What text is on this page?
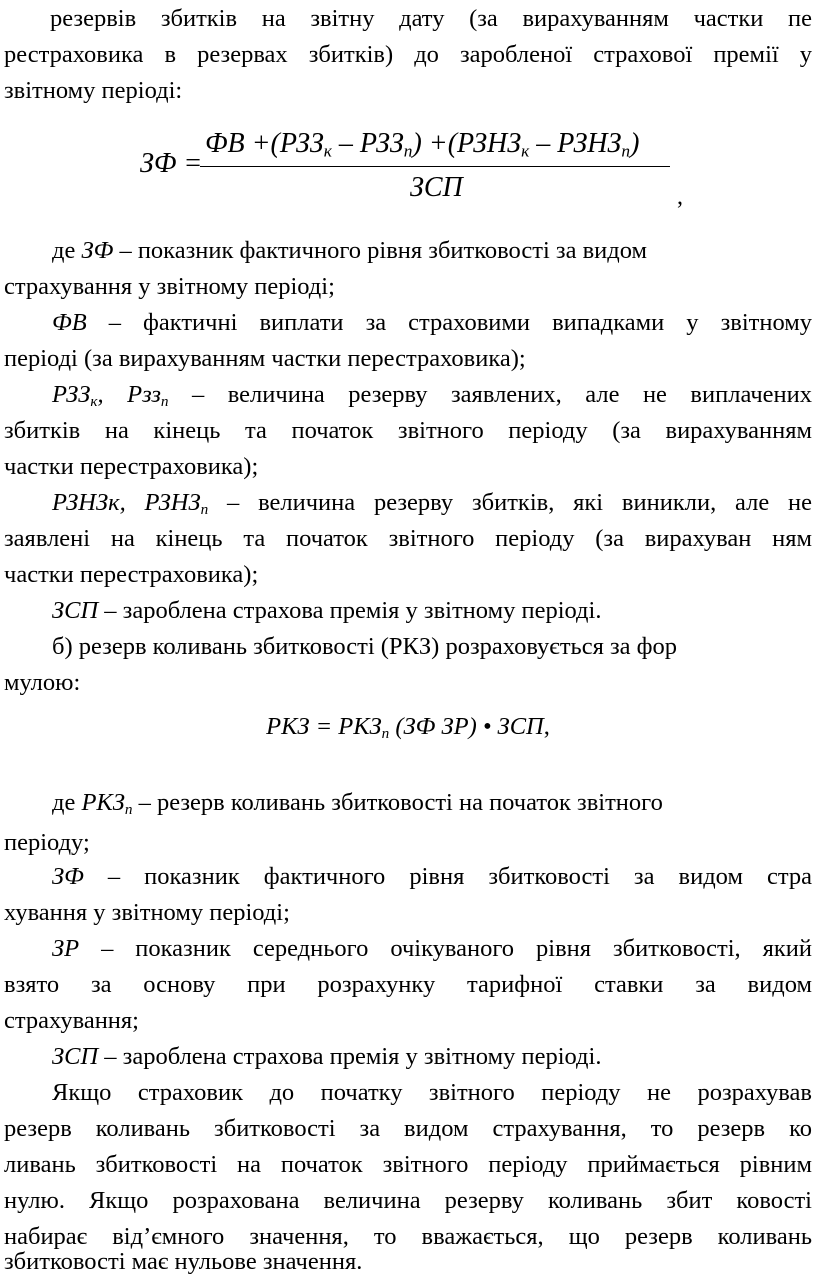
резервів збитків на звітну дату (за вирахуванням частки пе
рестраховика в резервах збитків) до заробленої страхової премії у
звітному періоді:
ЗФ =
ФВ $+(РЗЗ_к - РЗЗ_п)$ $+(РЗНЗ_к$ – $РЗНЗ_п$)
ЗСП	,
де ЗФ – показник фактичного рівня збитковості за видом
страхування у звітному періоді;
ФВ – фактичні виплати за страховими випадками у звітному
періоді (за вирахуванням частки перестраховика);
$РЗЗ_к$, Рзз$_п$ – величина резерву заявлених, але не виплачених
збитків на кінець та початок звітного періоду (за вирахуванням
частки перестраховика);
РЗНЗк, $РЗНЗ_п$ – величина резерву збитків, які виникли, але не
заявлені на кінець та початок звітного періоду (за вирахуван ням
частки перестраховика);
ЗСП – зароблена страхова премія у звітному періоді.
б) резерв коливань збитковості (РКЗ) розраховується за фор
мулою:
РКЗ = $РКЗ_п$ (ЗФ ЗР) • ЗСП,
де $РКЗ_п$ – резерв коливань збитковості на початок звітного
періоду;
ЗФ – показник фактичного рівня збитковості за видом стра
хування у звітному періоді;
ЗР – показник середнього очікуваного рівня збитковості, який
взято за основу при розрахунку тарифної ставки за видом
страхування;
ЗСП – зароблена страхова премія у звітному періоді.
Якщо страховик до початку звітного періоду не розрахував
резерв коливань збитковості за видом страхування, то резерв ко
ливань збитковості на початок звітного періоду приймається рівним
нулю. Якщо розрахована величина резерву коливань збит ковості
набирає від’ємного значення, то вважається, що резерв коливань
збитковості має нульове значення.
